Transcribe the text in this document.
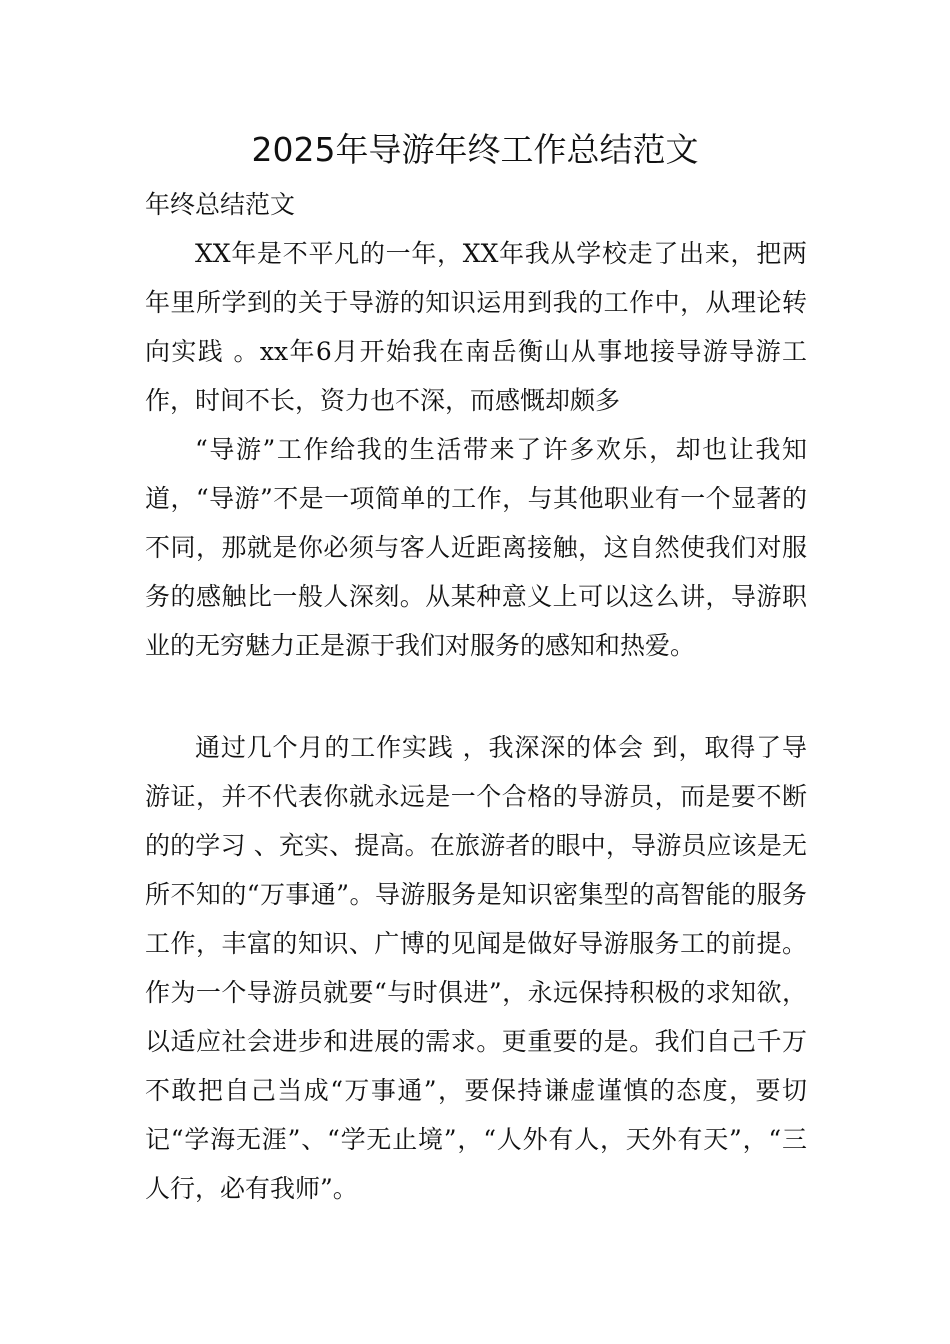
2025年导游年终工作总结范文
年终总结范文

XX年是不平凡的一年，XX年我从学校走了出来，把两年里所学到的关于导游的知识运用到我的工作中，从理论转向实践 。xx年6月开始我在南岳衡山从事地接导游导游工作，时间不长，资力也不深，而感慨却颇多

“导游”工作给我的生活带来了许多欢乐，却也让我知道，“导游”不是一项简单的工作，与其他职业有一个显著的不同，那就是你必须与客人近距离接触，这自然使我们对服务的感触比一般人深刻。从某种意义上可以这么讲，导游职业的无穷魅力正是源于我们对服务的感知和热爱。

通过几个月的工作实践 ，我深深的体会 到，取得了导游证，并不代表你就永远是一个合格的导游员，而是要不断的的学习 、充实、提高。在旅游者的眼中，导游员应该是无所不知的“万事通”。导游服务是知识密集型的高智能的服务工作，丰富的知识、广博的见闻是做好导游服务工的前提。作为一个导游员就要“与时俱进”，永远保持积极的求知欲，以适应社会进步和进展的需求。更重要的是。我们自己千万不敢把自己当成“万事通”，要保持谦虚谨慎的态度，要切记“学海无涯”、“学无止境”，“人外有人，天外有天”，“三人行，必有我师”。
